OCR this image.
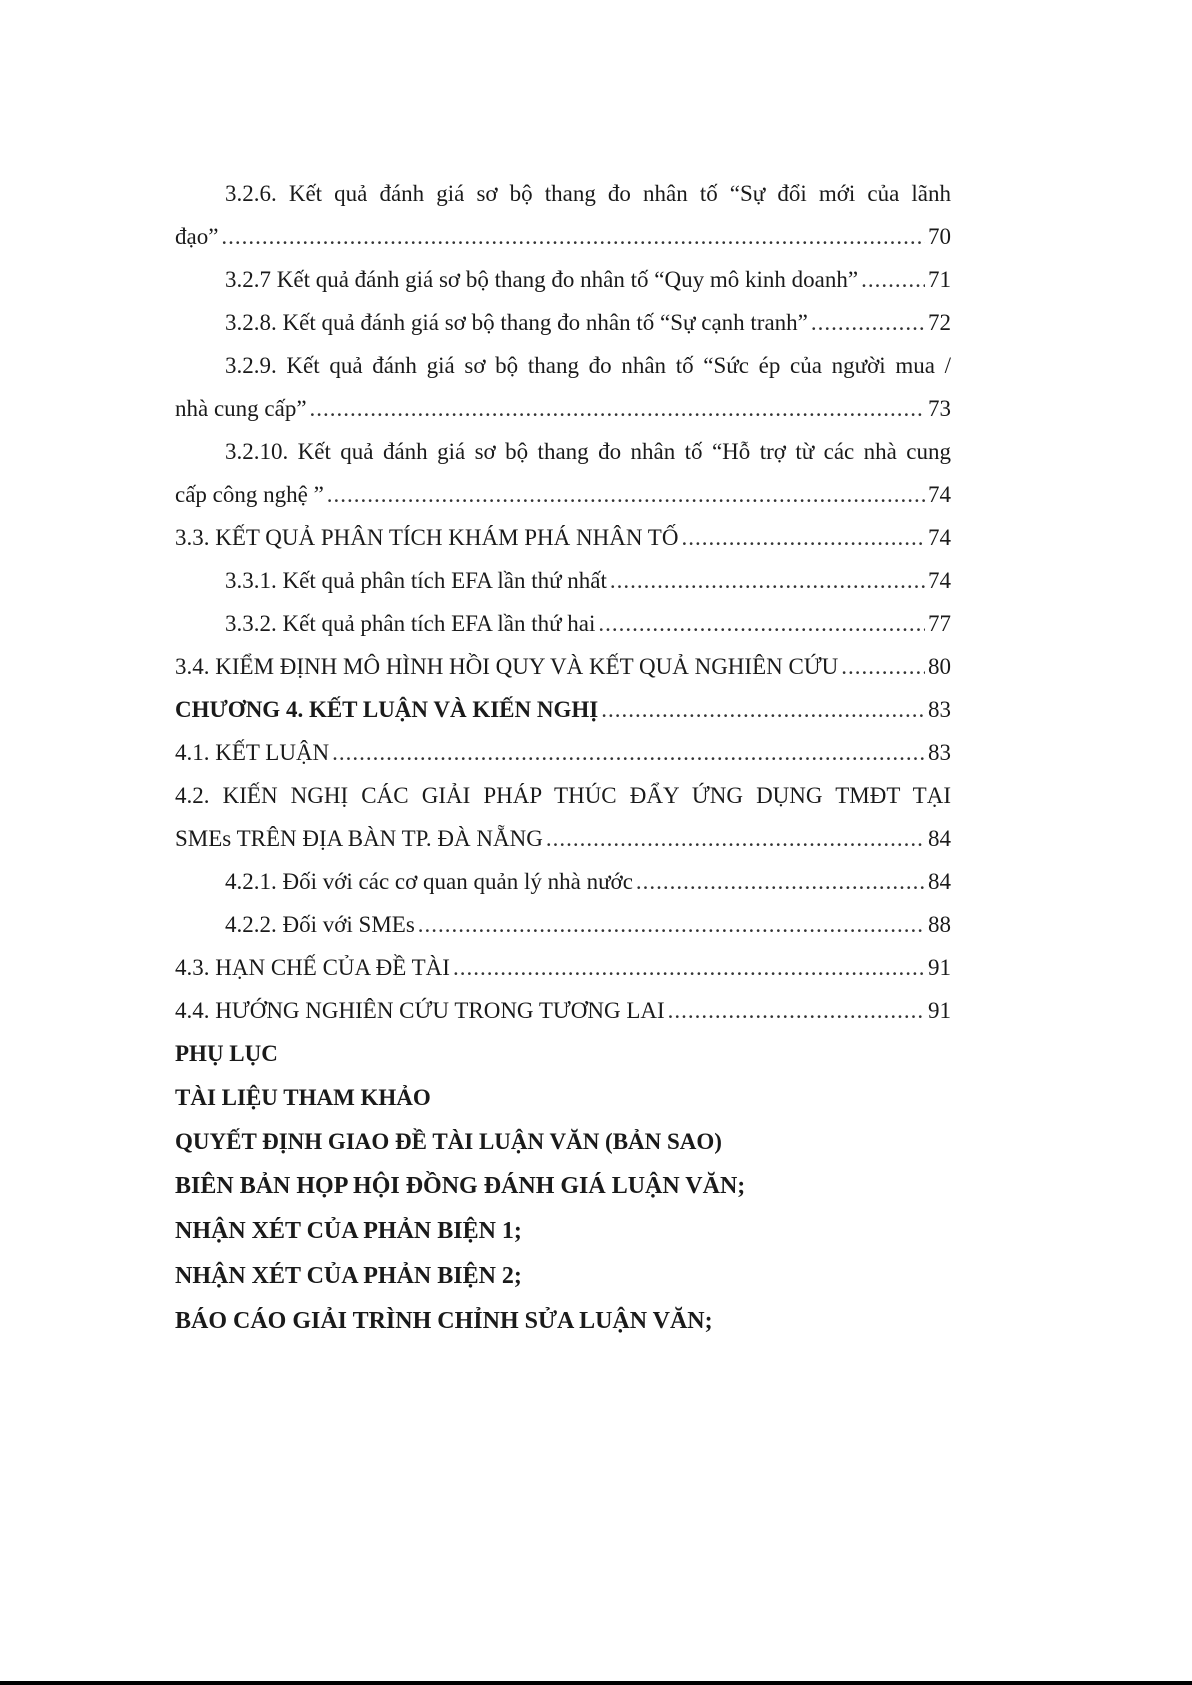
3.2.6. Kết quả đánh giá sơ bộ thang đo nhân tố “Sự đổi mới của lãnh
đạo” .....	70
3.2.7 Kết quả đánh giá sơ bộ thang đo nhân tố “Quy mô kinh doanh” .....	71
3.2.8. Kết quả đánh giá sơ bộ thang đo nhân tố “Sự cạnh tranh” .....	72
3.2.9. Kết quả đánh giá sơ bộ thang đo nhân tố “Sức ép của người mua /
nhà cung cấp” .....	73
3.2.10. Kết quả đánh giá sơ bộ thang đo nhân tố “Hỗ trợ từ các nhà cung
cấp công nghệ ” .....	74
3.3. KẾT QUẢ PHÂN TÍCH KHÁM PHÁ NHÂN TỐ .....	74
3.3.1. Kết quả phân tích EFA lần thứ nhất .....	74
3.3.2. Kết quả phân tích EFA lần thứ hai .....	77
3.4. KIỂM ĐỊNH MÔ HÌNH HỒI QUY VÀ KẾT QUẢ NGHIÊN CỨU .....	80
CHƯƠNG 4. KẾT LUẬN VÀ KIẾN NGHỊ .....	83
4.1. KẾT LUẬN .....	83
4.2. KIẾN NGHỊ CÁC GIẢI PHÁP THÚC ĐẨY ỨNG DỤNG TMĐT TẠI
SMEs TRÊN ĐỊA BÀN TP. ĐÀ NẴNG .....	84
4.2.1. Đối với các cơ quan quản lý nhà nước .....	84
4.2.2. Đối với SMEs .....	88
4.3. HẠN CHẾ CỦA ĐỀ TÀI .....	91
4.4. HƯỚNG NGHIÊN CỨU TRONG TƯƠNG LAI .....	91
PHỤ LỤC
TÀI LIỆU THAM KHẢO
QUYẾT ĐỊNH GIAO ĐỀ TÀI LUẬN VĂN (BẢN SAO)
BIÊN BẢN HỌP HỘI ĐỒNG ĐÁNH GIÁ LUẬN VĂN;
NHẬN XÉT CỦA PHẢN BIỆN 1;
NHẬN XÉT CỦA PHẢN BIỆN 2;
BÁO CÁO GIẢI TRÌNH CHỈNH SỬA LUẬN VĂN;
